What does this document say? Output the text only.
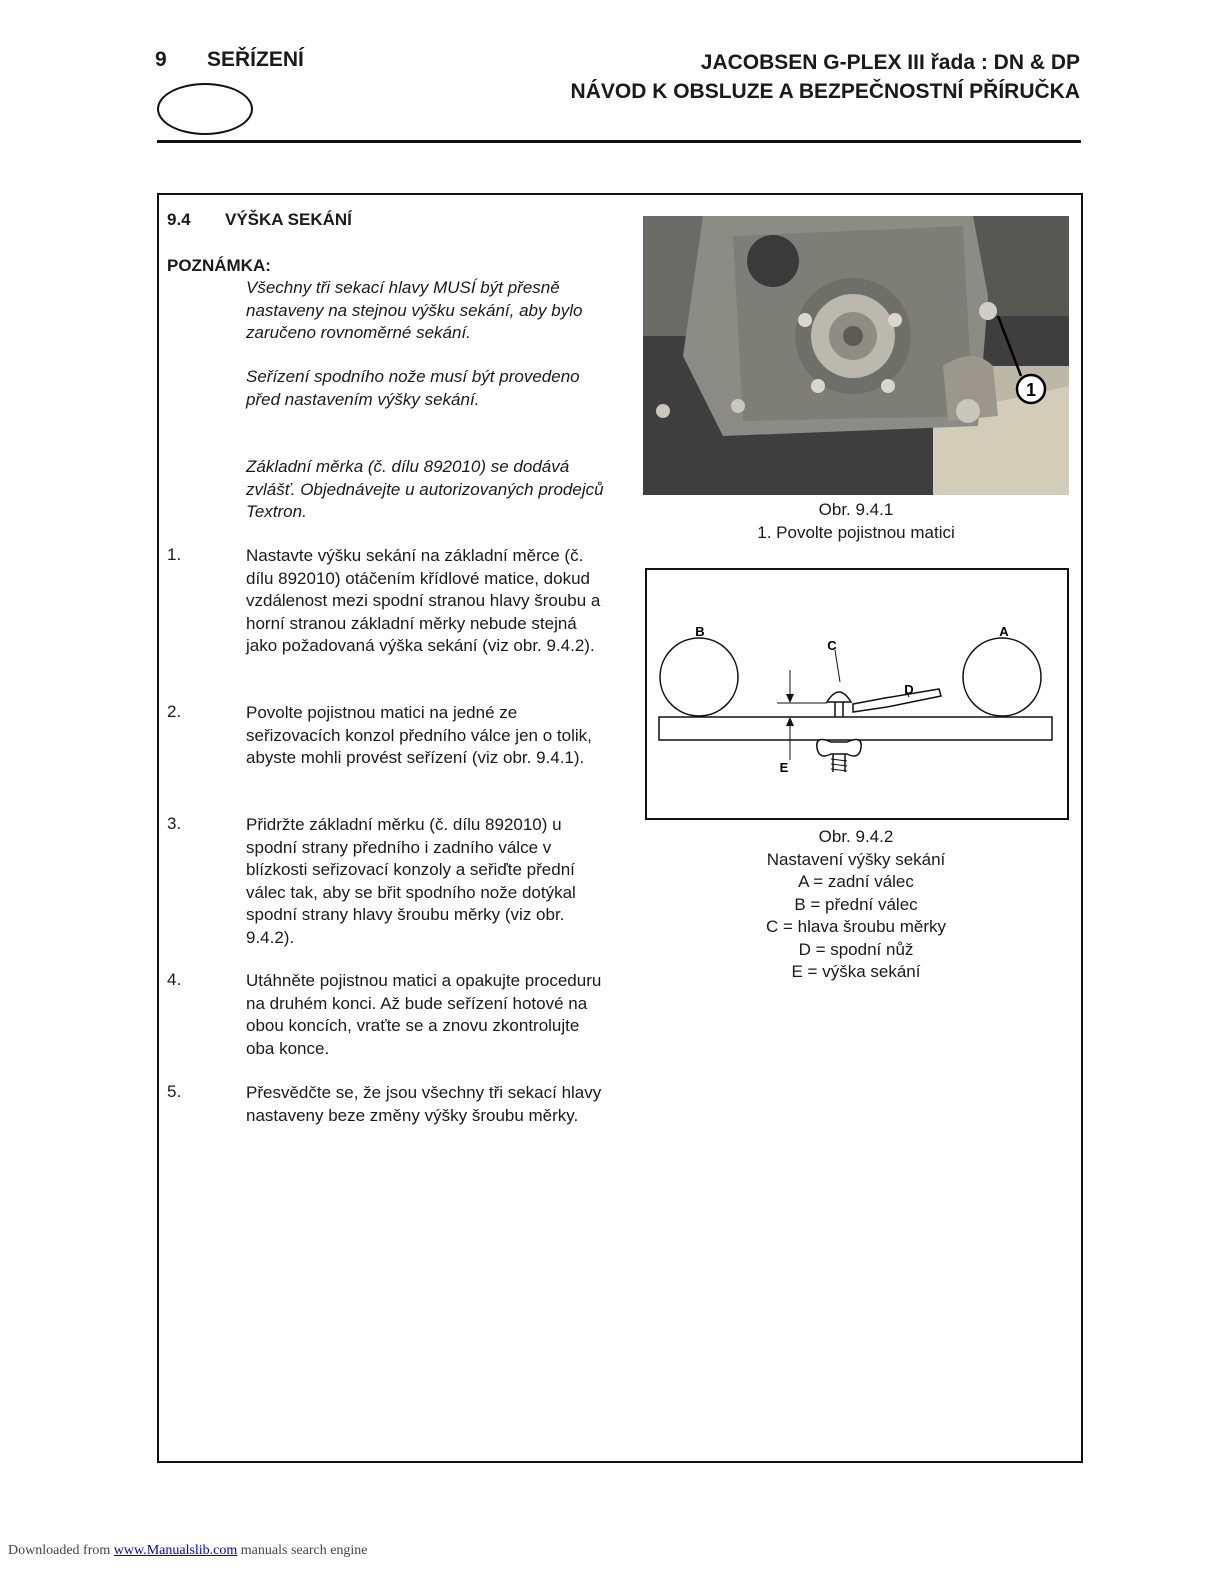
9 SEŘÍZENÍ	JACOBSEN G-PLEX III řada : DN & DP
NÁVOD K OBSLUZE A BEZPEČNOSTNÍ PŘÍRUČKA
9.4 VÝŠKA SEKÁNÍ
POZNÁMKA:
Všechny tři sekací hlavy MUSÍ být přesně nastaveny na stejnou výšku sekání, aby bylo zaručeno rovnoměrné sekání.
Seřízení spodního nože musí být provedeno před nastavením výšky sekání.
Základní měrka (č. dílu 892010) se dodává zvlášť. Objednávejte u autorizovaných prodejců Textron.
1.	Nastavte výšku sekání na základní měrce (č. dílu 892010) otáčením křídlové matice, dokud vzdálenost mezi spodní stranou hlavy šroubu a horní stranou základní měrky nebude stejná jako požadovaná výška sekání (viz obr. 9.4.2).
2.	Povolte pojistnou matici na jedné ze seřizovacích konzol předního válce jen o tolik, abyste mohli provést seřízení (viz obr. 9.4.1).
3.	Přidržte základní měrku (č. dílu 892010) u spodní strany předního i zadního válce v blízkosti seřizovací konzoly a seřiďte přední válec tak, aby se břit spodního nože dotýkal spodní strany hlavy šroubu měrky (viz obr. 9.4.2).
4.	Utáhněte pojistnou matici a opakujte proceduru na druhém konci. Až bude seřízení hotové na obou koncích, vraťte se a znovu zkontrolujte oba konce.
5.	Přesvědčte se, že jsou všechny tři sekací hlavy nastaveny beze změny výšky šroubu měrky.
1
Obr. 9.4.1
1. Povolte pojistnou matici
B	A
C
D
E
Obr. 9.4.2
Nastavení výšky sekání
A = zadní válec
B = přední válec
C = hlava šroubu měrky
D = spodní nůž
E = výška sekání
Downloaded from www.Manualslib.com manuals search engine
